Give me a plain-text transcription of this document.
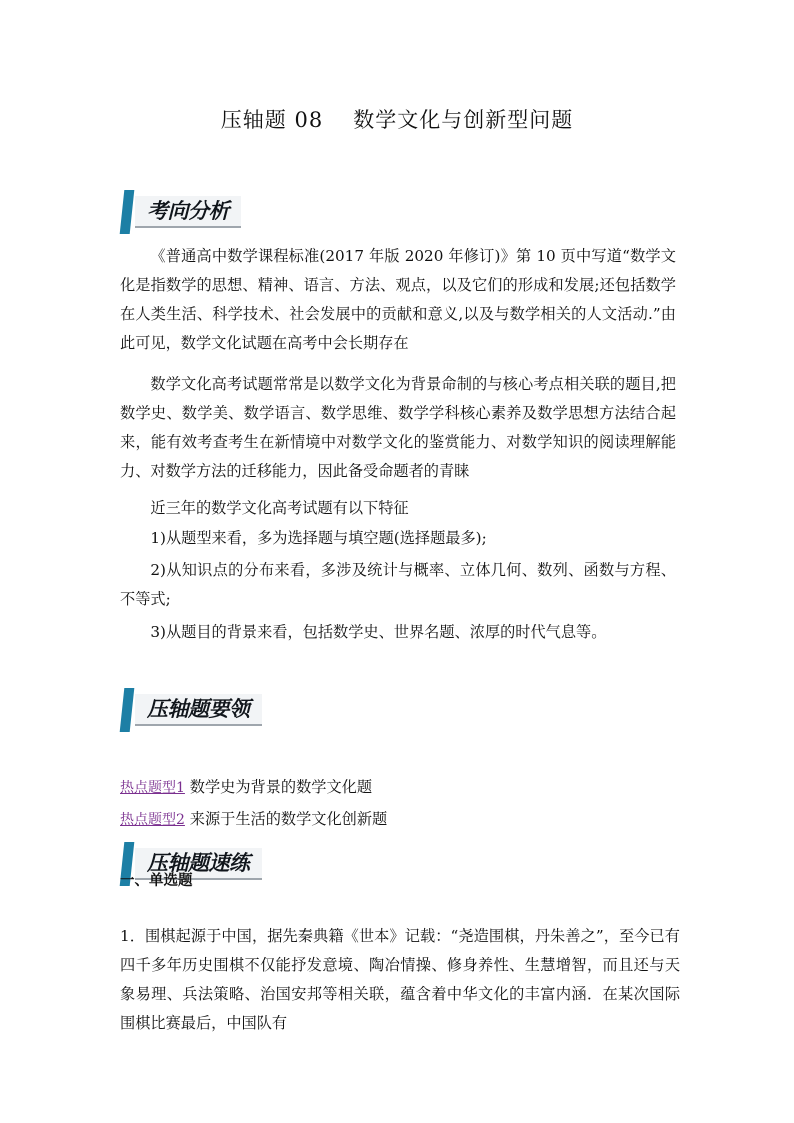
压轴题 08 数学文化与创新型问题
考向分析
《普通高中数学课程标准(2017 年版 2020 年修订)》第 10 页中写道“数学文化是指数学的思想、精神、语言、方法、观点，以及它们的形成和发展;还包括数学在人类生活、科学技术、社会发展中的贡献和意义,以及与数学相关的人文活动.”由此可见，数学文化试题在高考中会长期存在
数学文化高考试题常常是以数学文化为背景命制的与核心考点相关联的题目,把数学史、数学美、数学语言、数学思维、数学学科核心素养及数学思想方法结合起来，能有效考查考生在新情境中对数学文化的鉴赏能力、对数学知识的阅读理解能力、对数学方法的迁移能力，因此备受命题者的青睐
近三年的数学文化高考试题有以下特征
1)从题型来看，多为选择题与填空题(选择题最多);
2)从知识点的分布来看，多涉及统计与概率、立体几何、数列、函数与方程、不等式;
3)从题目的背景来看，包括数学史、世界名题、浓厚的时代气息等。
压轴题要领
热点题型1 数学史为背景的数学文化题
热点题型2 来源于生活的数学文化创新题
压轴题速练
一、单选题
1．围棋起源于中国，据先秦典籍《世本》记载：“尧造围棋，丹朱善之”，至今已有四千多年历史围棋不仅能抒发意境、陶冶情操、修身养性、生慧增智，而且还与天象易理、兵法策略、治国安邦等相关联，蕴含着中华文化的丰富内涵．在某次国际围棋比赛最后，中国队有
